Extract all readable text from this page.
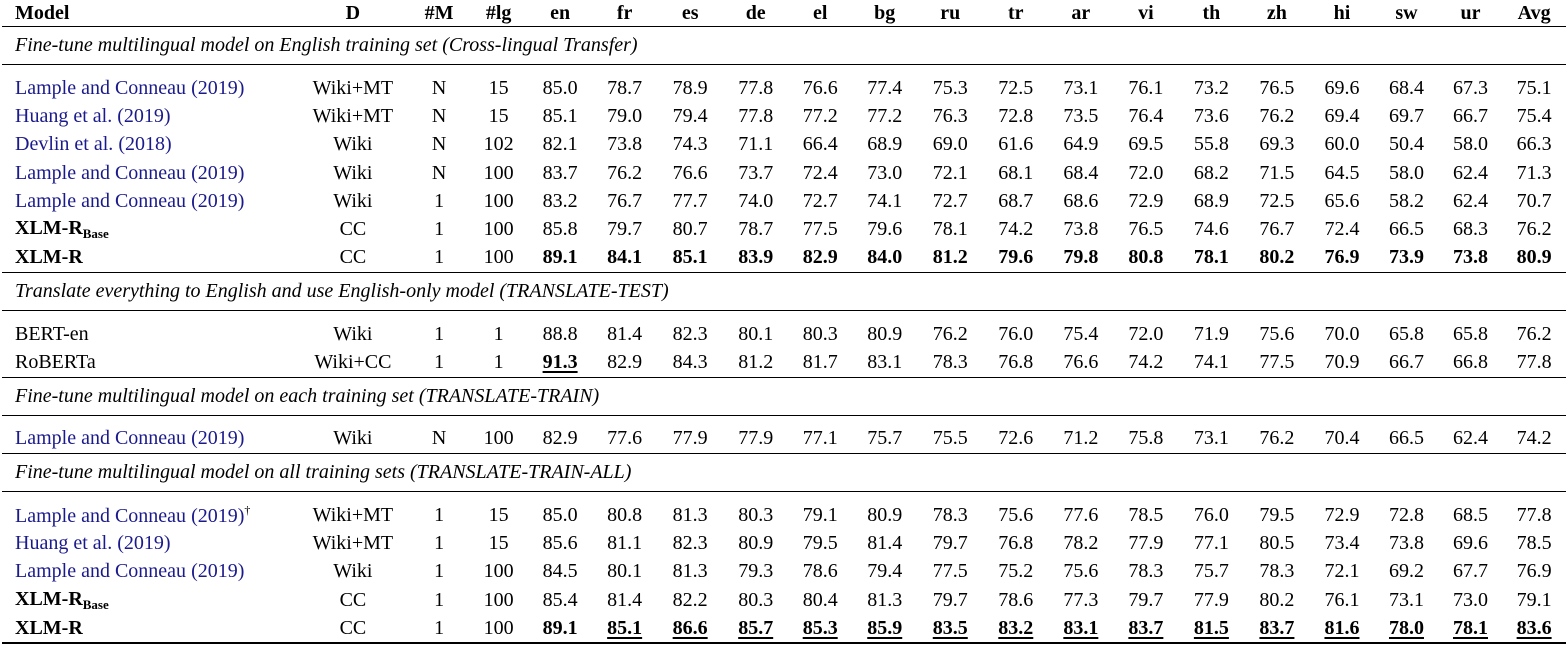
Model	D	#M	#lg	en	fr	es	de	el	bg	ru	tr	ar	vi	th	zh	hi	sw	ur	Avg
Fine-tune multilingual model on English training set (Cross-lingual Transfer)																			

Lample and Conneau (2019)	Wiki+MT	N	15	85.0	78.7	78.9	77.8	76.6	77.4	75.3	72.5	73.1	76.1	73.2	76.5	69.6	68.4	67.3	75.1
Huang et al. (2019)	Wiki+MT	N	15	85.1	79.0	79.4	77.8	77.2	77.2	76.3	72.8	73.5	76.4	73.6	76.2	69.4	69.7	66.7	75.4
Devlin et al. (2018)	Wiki	N	102	82.1	73.8	74.3	71.1	66.4	68.9	69.0	61.6	64.9	69.5	55.8	69.3	60.0	50.4	58.0	66.3
Lample and Conneau (2019)	Wiki	N	100	83.7	76.2	76.6	73.7	72.4	73.0	72.1	68.1	68.4	72.0	68.2	71.5	64.5	58.0	62.4	71.3
Lample and Conneau (2019)	Wiki	1	100	83.2	76.7	77.7	74.0	72.7	74.1	72.7	68.7	68.6	72.9	68.9	72.5	65.6	58.2	62.4	70.7
XLM-$R_{Base}$	CC	1	100	85.8	79.7	80.7	78.7	77.5	79.6	78.1	74.2	73.8	76.5	74.6	76.7	72.4	66.5	68.3	76.2
XLM-R	CC	1	100	89.1	84.1	85.1	83.9	82.9	84.0	81.2	79.6	79.8	80.8	78.1	80.2	76.9	73.9	73.8	80.9
Translate everything to English and use English-only model (TRANSLATE-TEST)																			

BERT-en	Wiki	1	1	88.8	81.4	82.3	80.1	80.3	80.9	76.2	76.0	75.4	72.0	71.9	75.6	70.0	65.8	65.8	76.2
RoBERTa	Wiki+CC	1	1	91.3	82.9	84.3	81.2	81.7	83.1	78.3	76.8	76.6	74.2	74.1	77.5	70.9	66.7	66.8	77.8
Fine-tune multilingual model on each training set (TRANSLATE-TRAIN)																			

Lample and Conneau (2019)	Wiki	N	100	82.9	77.6	77.9	77.9	77.1	75.7	75.5	72.6	71.2	75.8	73.1	76.2	70.4	66.5	62.4	74.2
Fine-tune multilingual model on all training sets (TRANSLATE-TRAIN-ALL)																			

Lample and Conneau (2019)†	Wiki+MT	1	15	85.0	80.8	81.3	80.3	79.1	80.9	78.3	75.6	77.6	78.5	76.0	79.5	72.9	72.8	68.5	77.8
Huang et al. (2019)	Wiki+MT	1	15	85.6	81.1	82.3	80.9	79.5	81.4	79.7	76.8	78.2	77.9	77.1	80.5	73.4	73.8	69.6	78.5
Lample and Conneau (2019)	Wiki	1	100	84.5	80.1	81.3	79.3	78.6	79.4	77.5	75.2	75.6	78.3	75.7	78.3	72.1	69.2	67.7	76.9
XLM-$R_{Base}$	CC	1	100	85.4	81.4	82.2	80.3	80.4	81.3	79.7	78.6	77.3	79.7	77.9	80.2	76.1	73.1	73.0	79.1
XLM-R	CC	1	100	89.1	85.1	86.6	85.7	85.3	85.9	83.5	83.2	83.1	83.7	81.5	83.7	81.6	78.0	78.1	83.6
